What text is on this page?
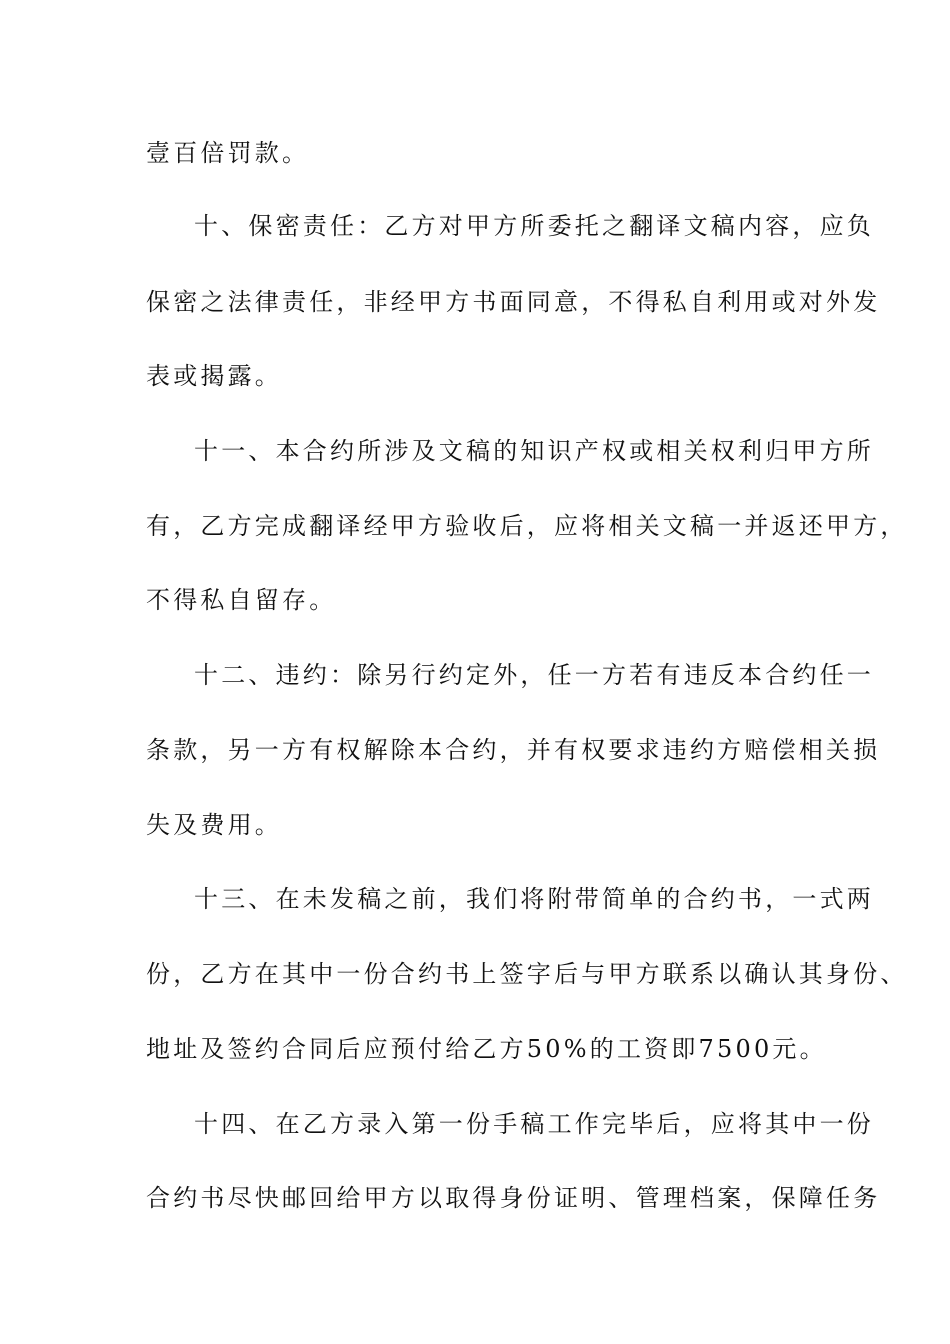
壹百倍罚款。
十、保密责任：乙方对甲方所委托之翻译文稿内容，应负
保密之法律责任，非经甲方书面同意，不得私自利用或对外发
表或揭露。
十一、本合约所涉及文稿的知识产权或相关权利归甲方所
有，乙方完成翻译经甲方验收后，应将相关文稿一并返还甲方，
不得私自留存。
十二、违约：除另行约定外，任一方若有违反本合约任一
条款，另一方有权解除本合约，并有权要求违约方赔偿相关损
失及费用。
十三、在未发稿之前，我们将附带简单的合约书，一式两
份，乙方在其中一份合约书上签字后与甲方联系以确认其身份、
地址及签约合同后应预付给乙方50%的工资即7500元。
十四、在乙方录入第一份手稿工作完毕后，应将其中一份
合约书尽快邮回给甲方以取得身份证明、管理档案，保障任务
